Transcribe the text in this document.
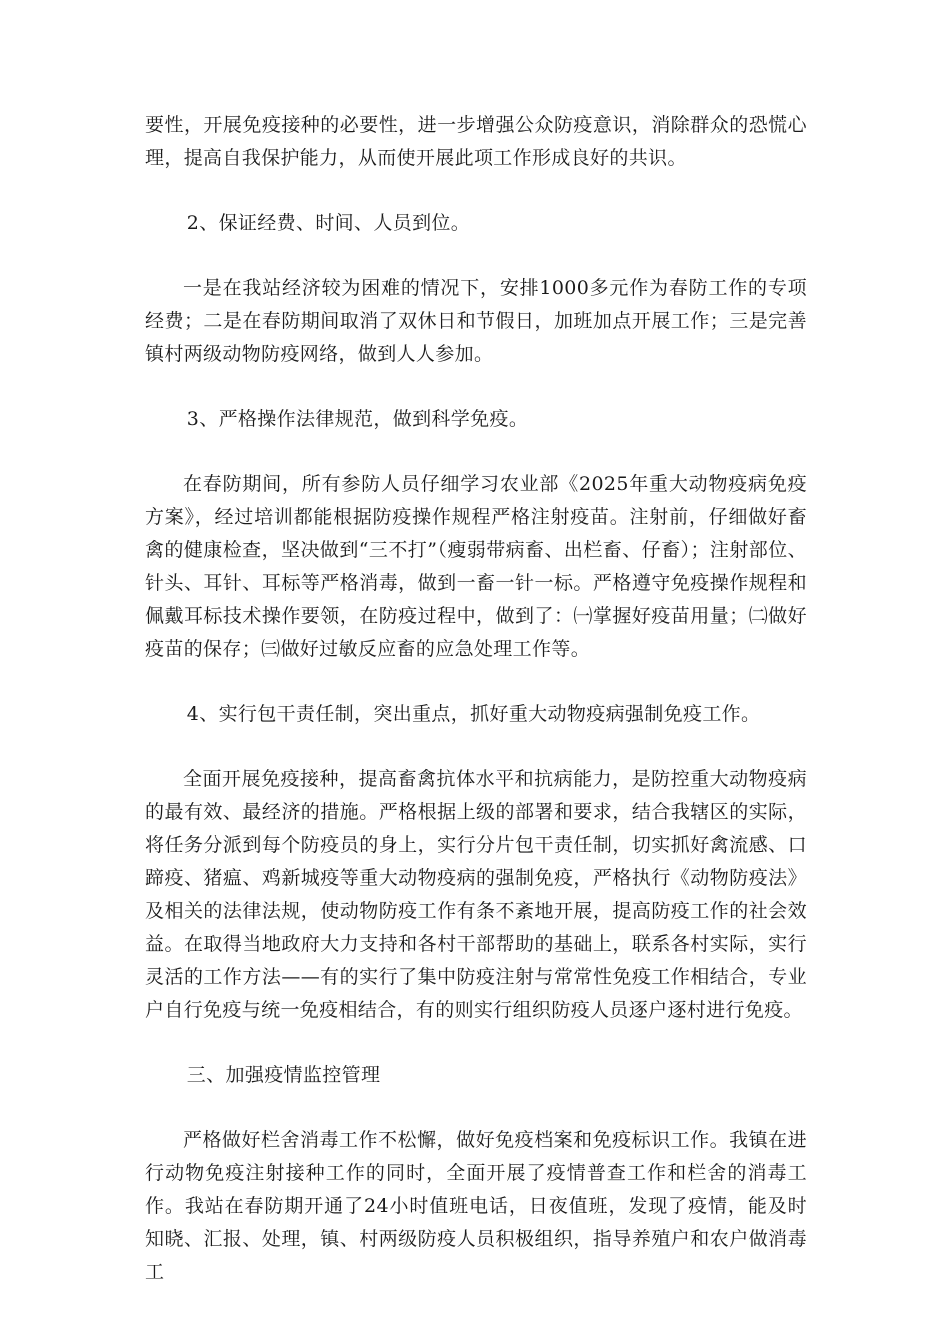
要性，开展免疫接种的必要性，进一步增强公众防疫意识，消除群众的恐慌心理，提高自我保护能力，从而使开展此项工作形成良好的共识。

2、保证经费、时间、人员到位。

一是在我站经济较为困难的情况下，安排1000多元作为春防工作的专项经费；二是在春防期间取消了双休日和节假日，加班加点开展工作；三是完善镇村两级动物防疫网络，做到人人参加。

3、严格操作法律规范，做到科学免疫。

在春防期间，所有参防人员仔细学习农业部《2025年重大动物疫病免疫方案》，经过培训都能根据防疫操作规程严格注射疫苗。注射前，仔细做好畜禽的健康检查，坚决做到“三不打”（瘦弱带病畜、出栏畜、仔畜）；注射部位、针头、耳针、耳标等严格消毒，做到一畜一针一标。严格遵守免疫操作规程和佩戴耳标技术操作要领，在防疫过程中，做到了：㈠掌握好疫苗用量；㈡做好疫苗的保存；㈢做好过敏反应畜的应急处理工作等。

4、实行包干责任制，突出重点，抓好重大动物疫病强制免疫工作。

全面开展免疫接种，提高畜禽抗体水平和抗病能力，是防控重大动物疫病的最有效、最经济的措施。严格根据上级的部署和要求，结合我辖区的实际，将任务分派到每个防疫员的身上，实行分片包干责任制，切实抓好禽流感、口蹄疫、猪瘟、鸡新城疫等重大动物疫病的强制免疫，严格执行《动物防疫法》及相关的法律法规，使动物防疫工作有条不紊地开展，提高防疫工作的社会效益。在取得当地政府大力支持和各村干部帮助的基础上，联系各村实际，实行灵活的工作方法——有的实行了集中防疫注射与常常性免疫工作相结合，专业户自行免疫与统一免疫相结合，有的则实行组织防疫人员逐户逐村进行免疫。

三、加强疫情监控管理

严格做好栏舍消毒工作不松懈，做好免疫档案和免疫标识工作。我镇在进行动物免疫注射接种工作的同时，全面开展了疫情普查工作和栏舍的消毒工作。我站在春防期开通了24小时值班电话，日夜值班，发现了疫情，能及时知晓、汇报、处理，镇、村两级防疫人员积极组织，指导养殖户和农户做消毒工
